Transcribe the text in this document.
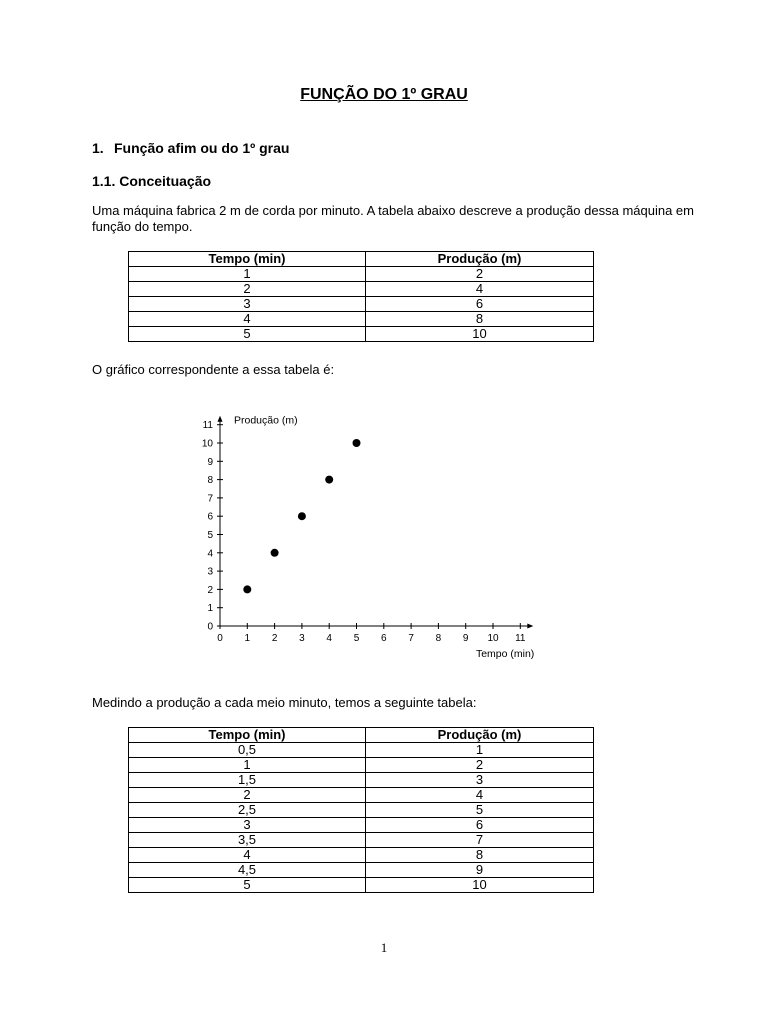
FUNÇÃO DO 1º GRAU
1. Função afim ou do 1º grau
1.1. Conceituação
Uma máquina fabrica 2 m de corda por minuto. A tabela abaixo descreve a produção dessa máquina em função do tempo.
Tempo (min)	Produção (m)
1	2
2	4
3	6
4	8
5	10
O gráfico correspondente a essa tabela é:
0 1 2 3 4 5 6 7 8 9 10 11
0
1
2
3
4
5
6
7
8
9
10
11 Produção (m)
Tempo (min)
Medindo a produção a cada meio minuto, temos a seguinte tabela:
Tempo (min)	Produção (m)
0,5	1
1	2
1,5	3
2	4
2,5	5
3	6
3,5	7
4	8
4,5	9
5	10
1
